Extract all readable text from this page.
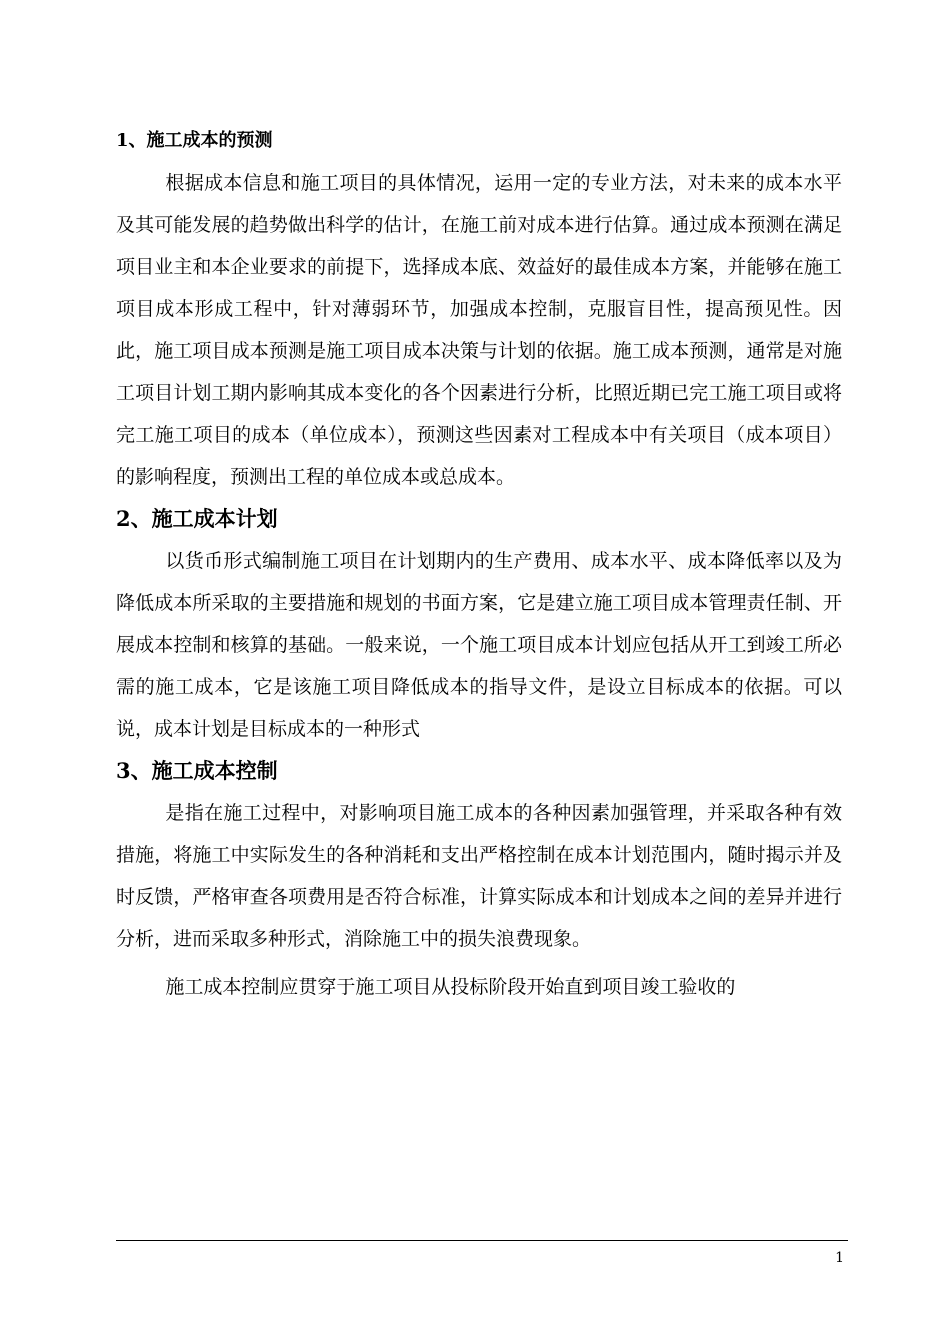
1、施工成本的预测

根据成本信息和施工项目的具体情况，运用一定的专业方法，对未来的成本水平及其可能发展的趋势做出科学的估计，在施工前对成本进行估算。通过成本预测在满足项目业主和本企业要求的前提下，选择成本底、效益好的最佳成本方案，并能够在施工项目成本形成工程中，针对薄弱环节，加强成本控制，克服盲目性，提高预见性。因此，施工项目成本预测是施工项目成本决策与计划的依据。施工成本预测，通常是对施工项目计划工期内影响其成本变化的各个因素进行分析，比照近期已完工施工项目或将完工施工项目的成本（单位成本），预测这些因素对工程成本中有关项目（成本项目）的影响程度，预测出工程的单位成本或总成本。

2、施工成本计划

以货币形式编制施工项目在计划期内的生产费用、成本水平、成本降低率以及为降低成本所采取的主要措施和规划的书面方案，它是建立施工项目成本管理责任制、开展成本控制和核算的基础。一般来说，一个施工项目成本计划应包括从开工到竣工所必需的施工成本，它是该施工项目降低成本的指导文件，是设立目标成本的依据。可以说，成本计划是目标成本的一种形式

3、施工成本控制

是指在施工过程中，对影响项目施工成本的各种因素加强管理，并采取各种有效措施，将施工中实际发生的各种消耗和支出严格控制在成本计划范围内，随时揭示并及时反馈，严格审查各项费用是否符合标准，计算实际成本和计划成本之间的差异并进行分析，进而采取多种形式，消除施工中的损失浪费现象。

施工成本控制应贯穿于施工项目从投标阶段开始直到项目竣工验收的

1
